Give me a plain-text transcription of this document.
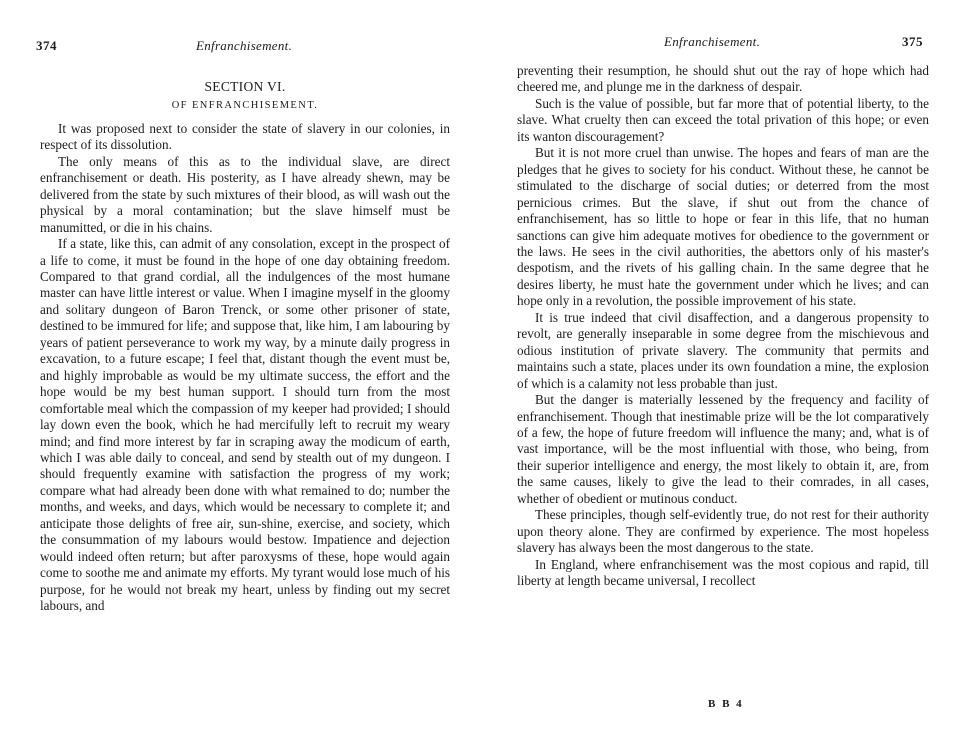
374	Enfranchisement.

SECTION VI.

OF ENFRANCHISEMENT.

It was proposed next to consider the state of slavery in our colonies, in respect of its dissolution.

The only means of this as to the individual slave, are direct enfranchisement or death. His posterity, as I have already shewn, may be delivered from the state by such mixtures of their blood, as will wash out the physical by a moral contamination; but the slave himself must be manumitted, or die in his chains.

If a state, like this, can admit of any consolation, except in the prospect of a life to come, it must be found in the hope of one day obtaining freedom. Compared to that grand cordial, all the indulgences of the most humane master can have little interest or value. When I imagine myself in the gloomy and solitary dungeon of Baron Trenck, or some other prisoner of state, destined to be immured for life; and suppose that, like him, I am labouring by years of patient perseverance to work my way, by a minute daily progress in excavation, to a future escape; I feel that, distant though the event must be, and highly improbable as would be my ultimate success, the effort and the hope would be my best human support. I should turn from the most comfortable meal which the compassion of my keeper had provided; I should lay down even the book, which he had mercifully left to recruit my weary mind; and find more interest by far in scraping away the modicum of earth, which I was able daily to conceal, and send by stealth out of my dungeon. I should frequently examine with satisfaction the progress of my work; compare what had already been done with what remained to do; number the months, and weeks, and days, which would be necessary to complete it; and anticipate those delights of free air, sun-shine, exercise, and society, which the consummation of my labours would bestow. Impatience and dejection would indeed often return; but after paroxysms of these, hope would again come to soothe me and animate my efforts. My tyrant would lose much of his purpose, for he would not break my heart, unless by finding out my secret labours, and

Enfranchisement.	375

preventing their resumption, he should shut out the ray of hope which had cheered me, and plunge me in the darkness of despair.

Such is the value of possible, but far more that of potential liberty, to the slave. What cruelty then can exceed the total privation of this hope; or even its wanton discouragement?

But it is not more cruel than unwise. The hopes and fears of man are the pledges that he gives to society for his conduct. Without these, he cannot be stimulated to the discharge of social duties; or deterred from the most pernicious crimes. But the slave, if shut out from the chance of enfranchisement, has so little to hope or fear in this life, that no human sanctions can give him adequate motives for obedience to the government or the laws. He sees in the civil authorities, the abettors only of his master's despotism, and the rivets of his galling chain. In the same degree that he desires liberty, he must hate the government under which he lives; and can hope only in a revolution, the possible improvement of his state.

It is true indeed that civil disaffection, and a dangerous propensity to revolt, are generally inseparable in some degree from the mischievous and odious institution of private slavery. The community that permits and maintains such a state, places under its own foundation a mine, the explosion of which is a calamity not less probable than just.

But the danger is materially lessened by the frequency and facility of enfranchisement. Though that inestimable prize will be the lot comparatively of a few, the hope of future freedom will influence the many; and, what is of vast importance, will be the most influential with those, who being, from their superior intelligence and energy, the most likely to obtain it, are, from the same causes, likely to give the lead to their comrades, in all cases, whether of obedient or mutinous conduct.

These principles, though self-evidently true, do not rest for their authority upon theory alone. They are confirmed by experience. The most hopeless slavery has always been the most dangerous to the state.

In England, where enfranchisement was the most copious and rapid, till liberty at length became universal, I recollect

B B 4
